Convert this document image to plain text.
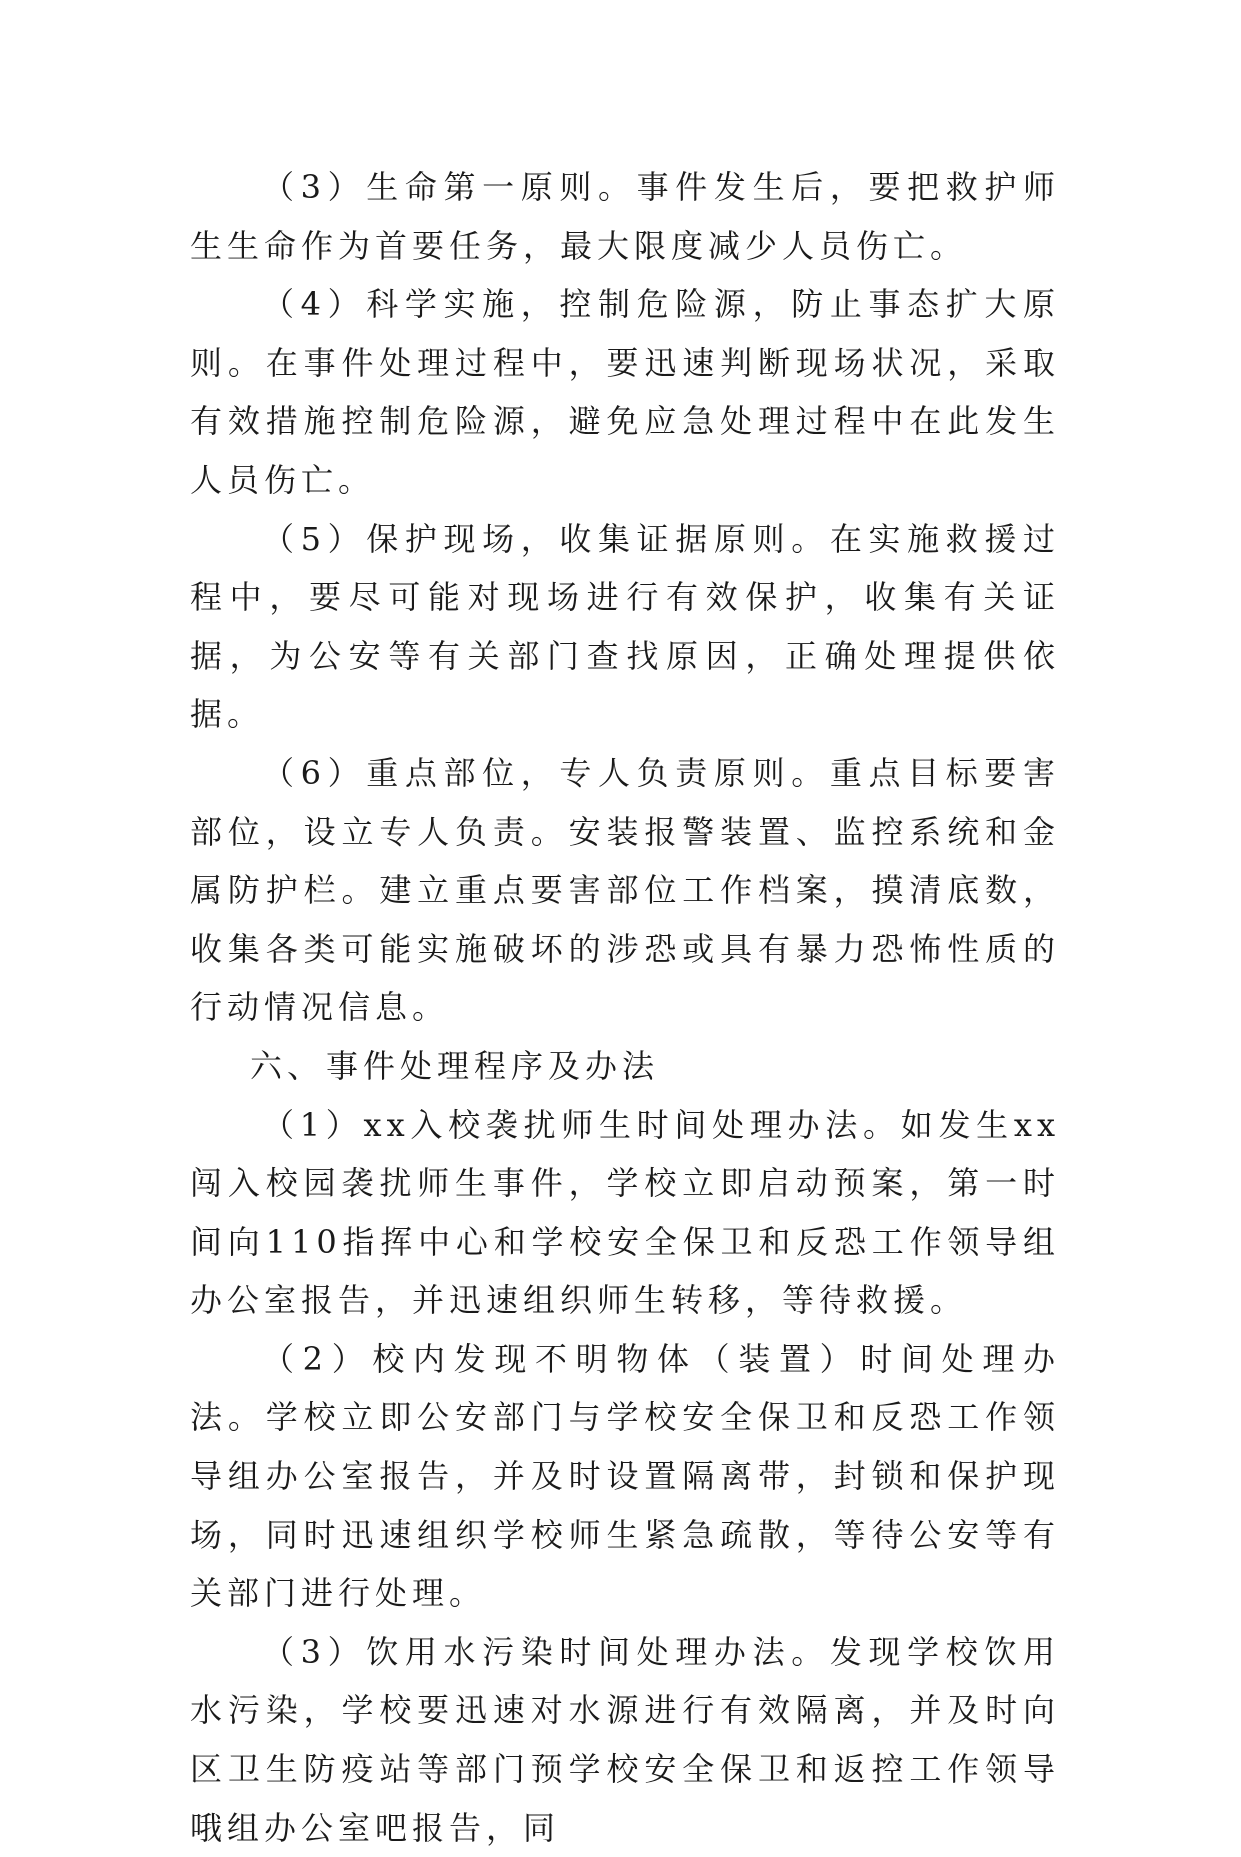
（3）生命第一原则。事件发生后，要把救护师生生命作为首要任务，最大限度减少人员伤亡。

（4）科学实施，控制危险源，防止事态扩大原则。在事件处理过程中，要迅速判断现场状况，采取有效措施控制危险源，避免应急处理过程中在此发生人员伤亡。

（5）保护现场，收集证据原则。在实施救援过程中，要尽可能对现场进行有效保护，收集有关证据，为公安等有关部门查找原因，正确处理提供依据。

（6）重点部位，专人负责原则。重点目标要害部位，设立专人负责。安装报警装置、监控系统和金属防护栏。建立重点要害部位工作档案，摸清底数，收集各类可能实施破坏的涉恐或具有暴力恐怖性质的行动情况信息。

六、事件处理程序及办法

（1）xx入校袭扰师生时间处理办法。如发生xx闯入校园袭扰师生事件，学校立即启动预案，第一时间向110指挥中心和学校安全保卫和反恐工作领导组办公室报告，并迅速组织师生转移，等待救援。

（2）校内发现不明物体（装置）时间处理办法。学校立即公安部门与学校安全保卫和反恐工作领导组办公室报告，并及时设置隔离带，封锁和保护现场，同时迅速组织学校师生紧急疏散，等待公安等有关部门进行处理。

（3）饮用水污染时间处理办法。发现学校饮用水污染，学校要迅速对水源进行有效隔离，并及时向区卫生防疫站等部门预学校安全保卫和返控工作领导哦组办公室吧报告，同
